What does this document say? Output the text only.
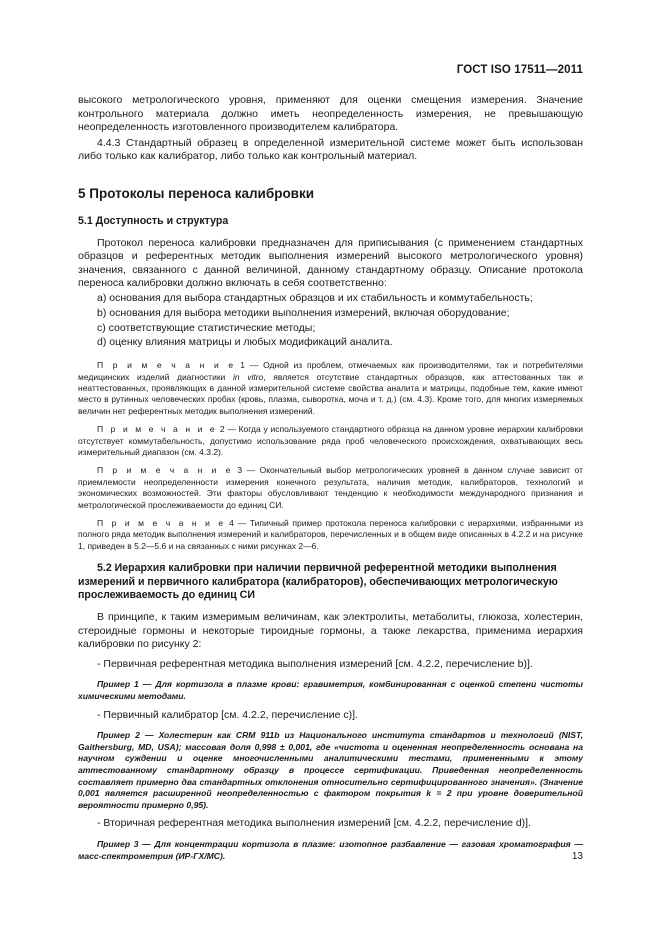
ГОСТ ISO 17511—2011

высокого метрологического уровня, применяют для оценки смещения измерения. Значение контрольного материала должно иметь неопределенность измерения, не превышающую неопределенность изготовленного производителем калибратора.

4.4.3 Стандартный образец в определенной измерительной системе может быть использован либо только как калибратор, либо только как контрольный материал.

5 Протоколы переноса калибровки

5.1 Доступность и структура

Протокол переноса калибровки предназначен для приписывания (с применением стандартных образцов и референтных методик выполнения измерений высокого метрологического уровня) значения, связанного с данной величиной, данному стандартному образцу. Описание протокола переноса калибровки должно включать в себя соответственно:

a) основания для выбора стандартных образцов и их стабильность и коммутабельность;

b) основания для выбора методики выполнения измерений, включая оборудование;

c) соответствующие статистические методы;

d) оценку влияния матрицы и любых модификаций аналита.

П р и м е ч а н и е 1 — Одной из проблем, отмечаемых как производителями, так и потребителями медицинских изделий диагностики in vitro, является отсутствие стандартных образцов, как аттестованных так и неаттестованных, проявляющих в данной измерительной системе свойства аналита и матрицы, подобные тем, какие имеют место в рутинных человеческих пробах (кровь, плазма, сыворотка, моча и т. д.) (см. 4.3). Кроме того, для многих измеряемых величин нет референтных методик выполнения измерений.

П р и м е ч а н и е 2 — Когда у используемого стандартного образца на данном уровне иерархии калибровки отсутствует коммутабельность, допустимо использование ряда проб человеческого происхождения, охватывающих весь измерительный диапазон (см. 4.3.2).

П р и м е ч а н и е 3 — Окончательный выбор метрологических уровней в данном случае зависит от приемлемости неопределенности измерения конечного результата, наличия методик, калибраторов, технологий и экономических возможностей. Эти факторы обусловливают тенденцию к необходимости международного признания и метрологической прослеживаемости до единиц СИ.

П р и м е ч а н и е 4 — Типичный пример протокола переноса калибровки с иерархиями, избранными из полного ряда методик выполнения измерений и калибраторов, перечисленных и в общем виде описанных в 4.2.2 и на рисунке 1, приведен в 5.2—5.6 и на связанных с ними рисунках 2—6.

5.2 Иерархия калибровки при наличии первичной референтной методики выполнения измерений и первичного калибратора (калибраторов), обеспечивающих метрологическую прослеживаемость до единиц СИ

В принципе, к таким измеримым величинам, как электролиты, метаболиты, глюкоза, холестерин, стероидные гормоны и некоторые тироидные гормоны, а также лекарства, применима иерархия калибровки по рисунку 2:

- Первичная референтная методика выполнения измерений [см. 4.2.2, перечисление b)].

Пример 1 — Для кортизола в плазме крови: гравиметрия, комбинированная с оценкой степени чистоты химическими методами.

- Первичный калибратор [см. 4.2.2, перечисление c)].

Пример 2 — Холестерин как CRM 911b из Национального института стандартов и технологий (NIST, Gaithersburg, MD, USA); массовая доля 0,998 ± 0,001, где «чистота и оцененная неопределенность основана на научном суждении и оценке многочисленными аналитическими тестами, примененными к этому аттестованному стандартному образцу в процессе сертификации. Приведенная неопределенность составляет примерно два стандартных отклонения относительно сертифицированного значения». (Значение 0,001 является расширенной неопределенностью с фактором покрытия k = 2 при уровне доверительной вероятности примерно 0,95).

- Вторичная референтная методика выполнения измерений [см. 4.2.2, перечисление d)].

Пример 3 — Для концентрации кортизола в плазме: изотопное разбавление — газовая хроматография — масс-спектрометрия (ИР-ГХ/МС).	13
